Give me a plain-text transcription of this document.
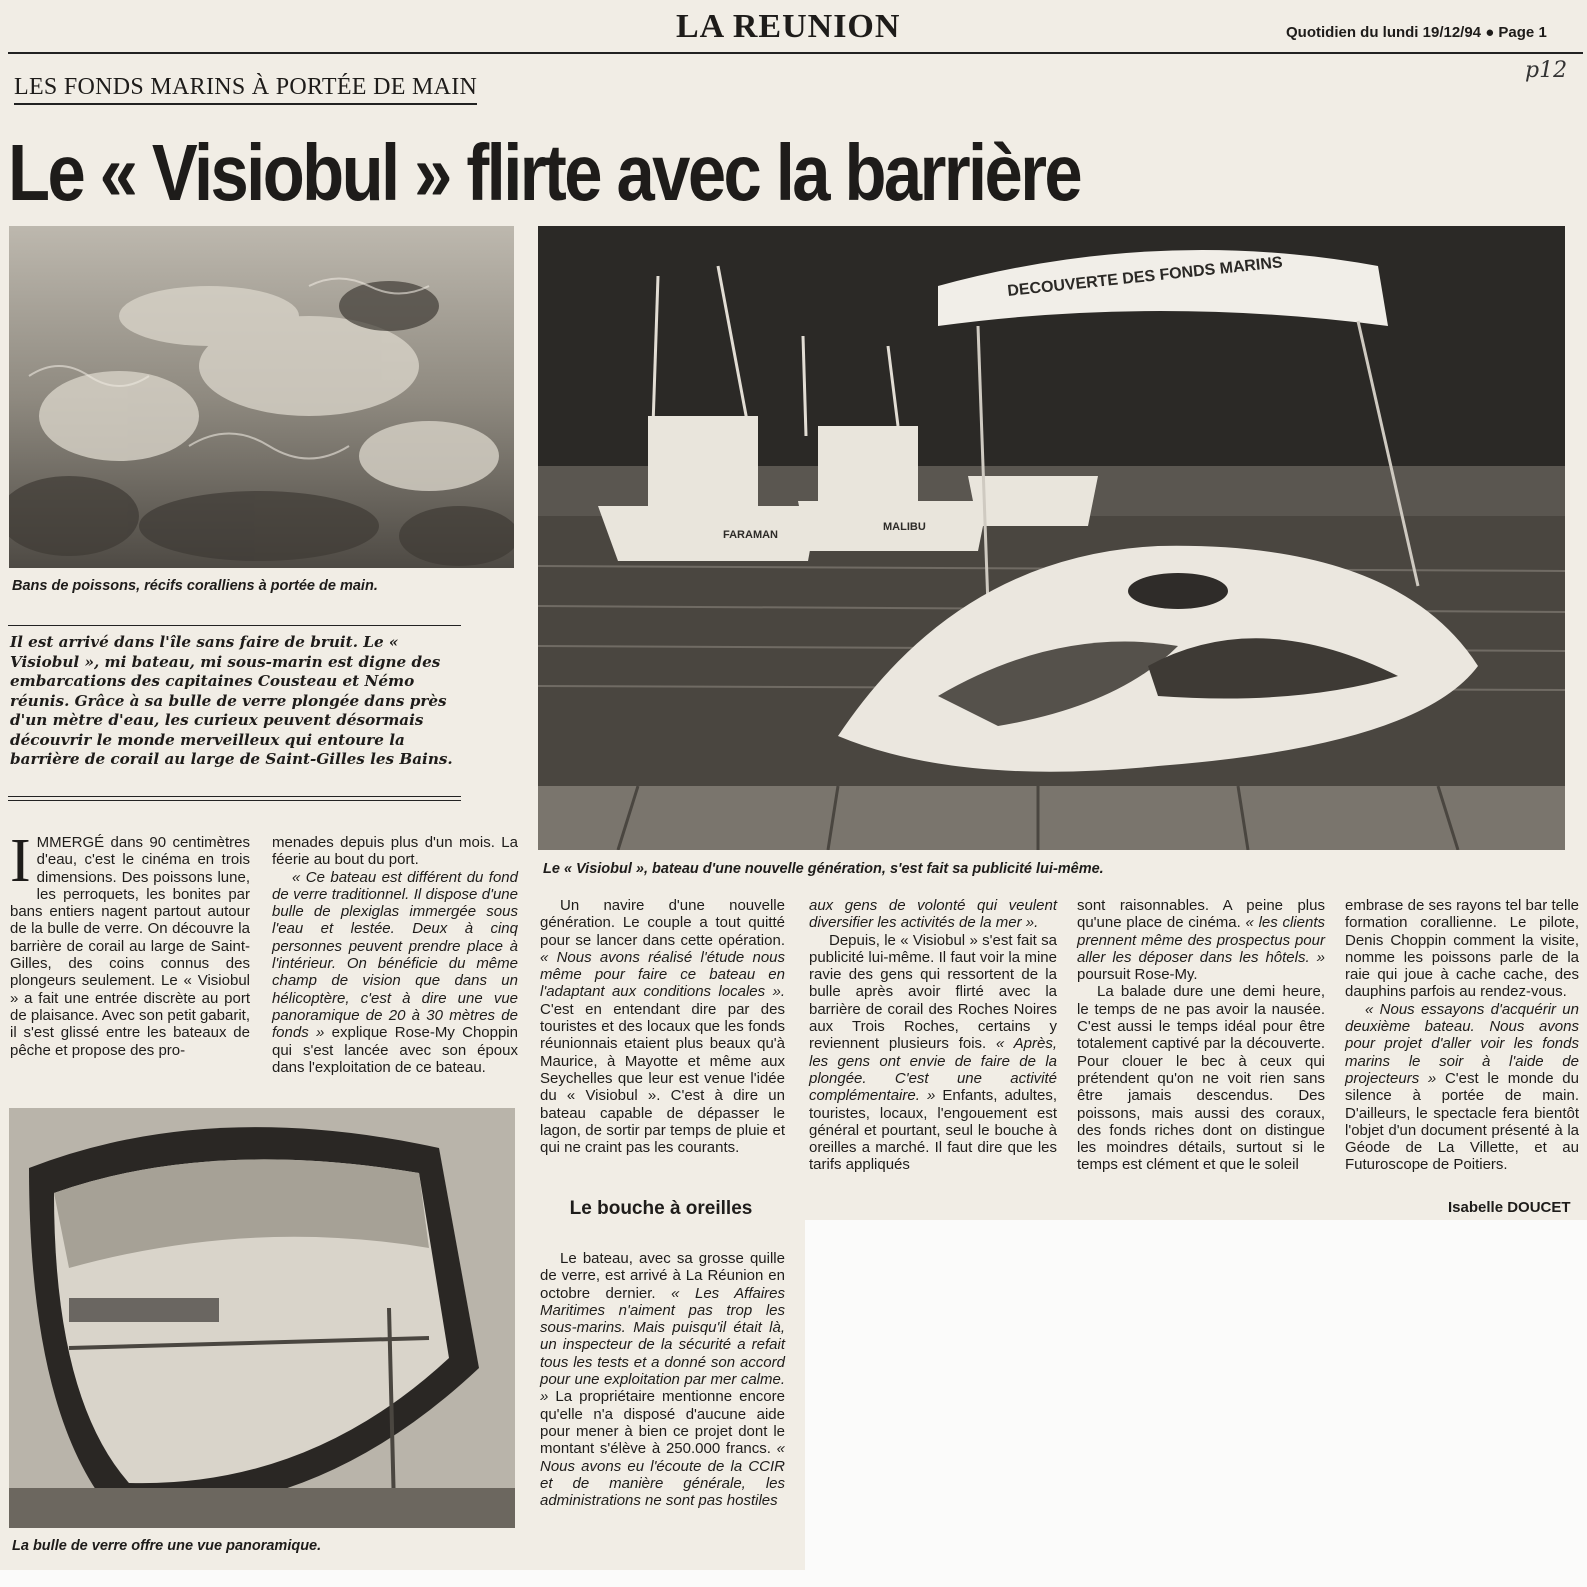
LA REUNION	Quotidien du lundi 19/12/94 ● Page 1
p12
LES FONDS MARINS À PORTÉE DE MAIN
Le « Visiobul » flirte avec la barrière
Bans de poissons, récifs coralliens à portée de main.
FARAMAN
MALIBU
DECOUVERTE DES FONDS MARINS
Le « Visiobul », bateau d'une nouvelle génération, s'est fait sa publicité lui-même.
Il est arrivé dans l'île sans faire de bruit. Le « Visiobul », mi bateau, mi sous-marin est digne des embarcations des capitaines Cousteau et Némo réunis. Grâce à sa bulle de verre plongée dans près d'un mètre d'eau, les curieux peuvent désormais découvrir le monde merveilleux qui entoure la barrière de corail au large de Saint-Gilles les Bains.
I MMERGÉ dans 90 centimètres d'eau, c'est le cinéma en trois dimensions. Des poissons lune, les perroquets, les bonites par bans entiers nagent partout autour de la bulle de verre. On découvre la barrière de corail au large de Saint-Gilles, des coins connus des plongeurs seulement. Le « Visiobul » a fait une entrée discrète au port de plaisance. Avec son petit gabarit, il s'est glissé entre les bateaux de pêche et propose des pro-

menades depuis plus d'un mois. La féerie au bout du port.

« Ce bateau est différent du fond de verre traditionnel. Il dispose d'une bulle de plexiglas immergée sous l'eau et lestée. Deux à cinq personnes peuvent prendre place à l'intérieur. On bénéficie du même champ de vision que dans un hélicoptère, c'est à dire une vue panoramique de 20 à 30 mètres de fonds » explique Rose-My Choppin qui s'est lancée avec son époux dans l'exploitation de ce bateau.

La bulle de verre offre une vue panoramique.

Un navire d'une nouvelle génération. Le couple a tout quitté pour se lancer dans cette opération. « Nous avons réalisé l'étude nous même pour faire ce bateau en l'adaptant aux conditions locales ». C'est en entendant dire par des touristes et des locaux que les fonds réunionnais etaient plus beaux qu'à Maurice, à Mayotte et même aux Seychelles que leur est venue l'idée du « Visiobul ». C'est à dire un bateau capable de dépasser le lagon, de sortir par temps de pluie et qui ne craint pas les courants.

Le bouche à oreilles

Le bateau, avec sa grosse quille de verre, est arrivé à La Réunion en octobre dernier. « Les Affaires Maritimes n'aiment pas trop les sous-marins. Mais puisqu'il était là, un inspecteur de la sécurité a refait tous les tests et a donné son accord pour une exploitation par mer calme. » La propriétaire mentionne encore qu'elle n'a disposé d'aucune aide pour mener à bien ce projet dont le montant s'élève à 250.000 francs. « Nous avons eu l'écoute de la CCIR et de manière générale, les administrations ne sont pas hostiles

aux gens de volonté qui veulent diversifier les activités de la mer ».

Depuis, le « Visiobul » s'est fait sa publicité lui-même. Il faut voir la mine ravie des gens qui ressortent de la bulle après avoir flirté avec la barrière de corail des Roches Noires aux Trois Roches, certains y reviennent plusieurs fois. « Après, les gens ont envie de faire de la plongée. C'est une activité complémentaire. » Enfants, adultes, touristes, locaux, l'engouement est général et pourtant, seul le bouche à oreilles a marché. Il faut dire que les tarifs appliqués

sont raisonnables. A peine plus qu'une place de cinéma. « les clients prennent même des prospectus pour aller les déposer dans les hôtels. » poursuit Rose-My.

La balade dure une demi heure, le temps de ne pas avoir la nausée. C'est aussi le temps idéal pour être totalement captivé par la découverte. Pour clouer le bec à ceux qui prétendent qu'on ne voit rien sans être jamais descendus. Des poissons, mais aussi des coraux, des fonds riches dont on distingue les moindres détails, surtout si le temps est clément et que le soleil

embrase de ses rayons tel bar telle formation corallienne. Le pilote, Denis Choppin comment la visite, nomme les poissons parle de la raie qui joue à cache cache, des dauphins parfois au rendez-vous.

« Nous essayons d'acquérir un deuxième bateau. Nous avons pour projet d'aller voir les fonds marins le soir à l'aide de projecteurs » C'est le monde du silence à portée de main. D'ailleurs, le spectacle fera bientôt l'objet d'un document présenté à la Géode de La Villette, et au Futuroscope de Poitiers.

Isabelle DOUCET
